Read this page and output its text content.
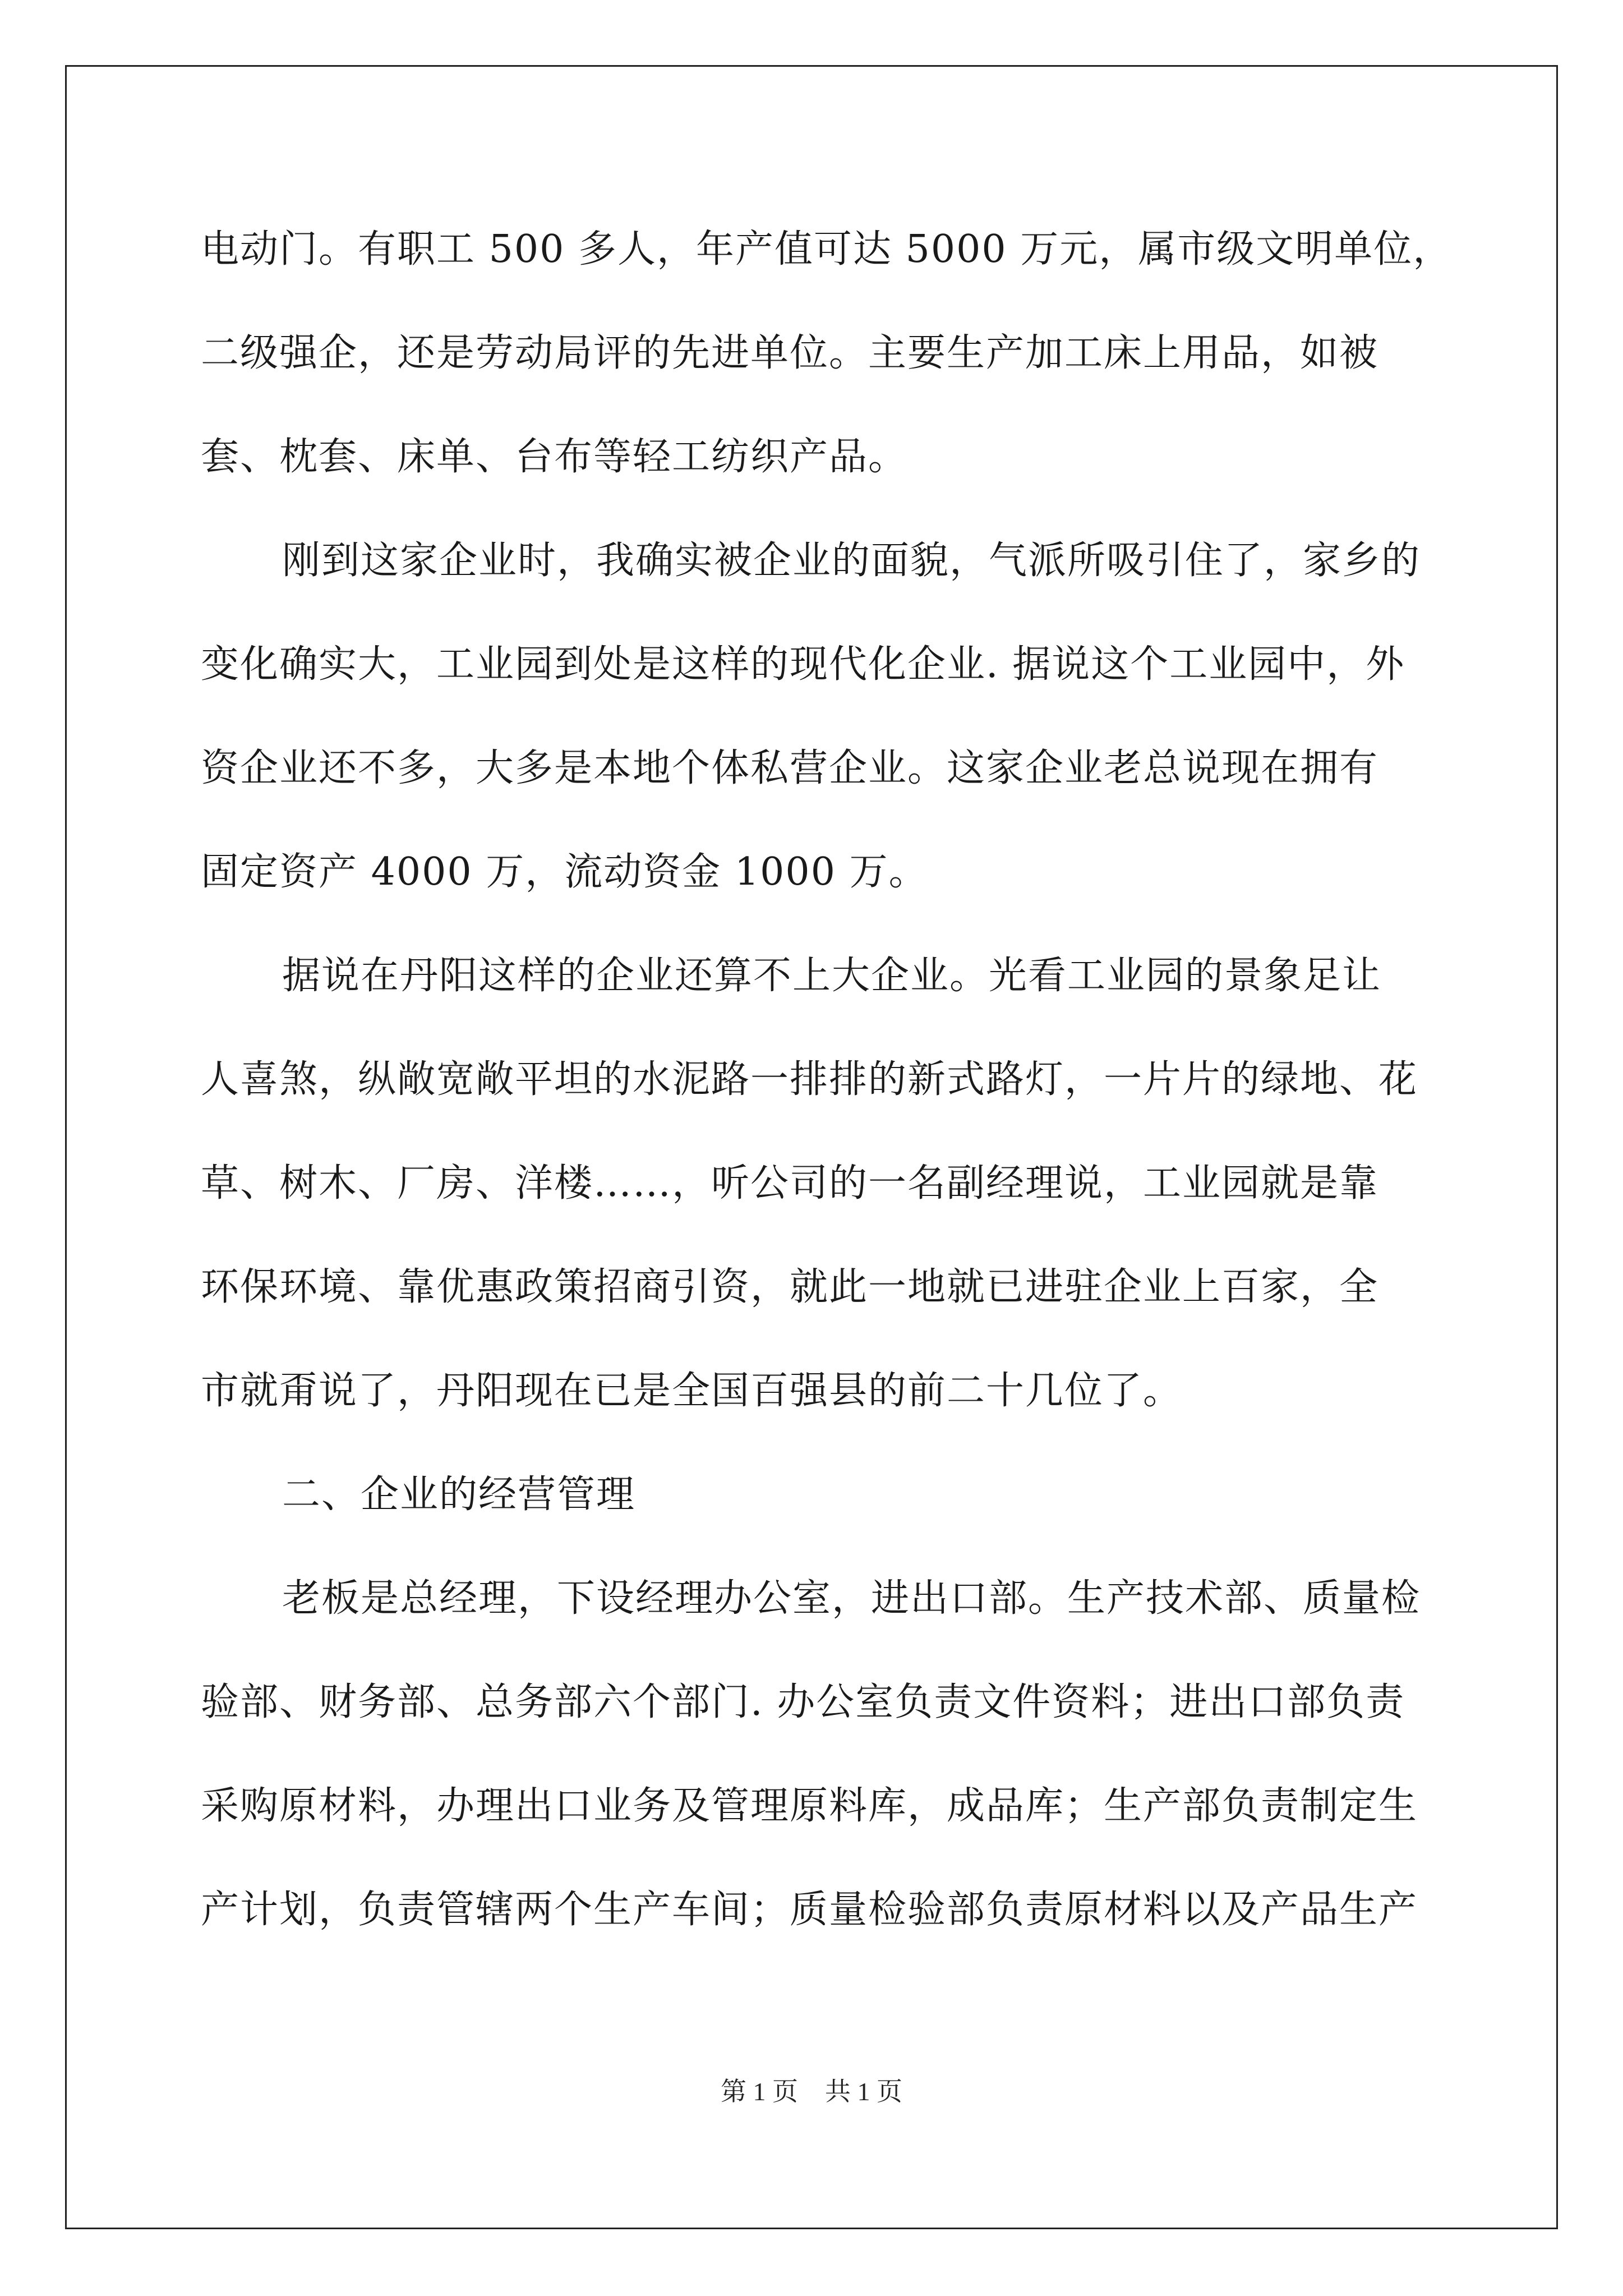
电动门。有职工 500 多人，年产值可达 5000 万元，属市级文明单位，
二级强企，还是劳动局评的先进单位。主要生产加工床上用品，如被
套、枕套、床单、台布等轻工纺织产品。
刚到这家企业时，我确实被企业的面貌，气派所吸引住了，家乡的
变化确实大，工业园到处是这样的现代化企业. 据说这个工业园中，外
资企业还不多，大多是本地个体私营企业。这家企业老总说现在拥有
固定资产 4000 万，流动资金 1000 万。
据说在丹阳这样的企业还算不上大企业。光看工业园的景象足让
人喜煞，纵敞宽敞平坦的水泥路一排排的新式路灯，一片片的绿地、花
草、树木、厂房、洋楼……，听公司的一名副经理说，工业园就是靠
环保环境、靠优惠政策招商引资，就此一地就已进驻企业上百家，全
市就甭说了，丹阳现在已是全国百强县的前二十几位了。
二、企业的经营管理
老板是总经理，下设经理办公室，进出口部。生产技术部、质量检
验部、财务部、总务部六个部门. 办公室负责文件资料；进出口部负责
采购原材料，办理出口业务及管理原料库，成品库；生产部负责制定生
产计划，负责管辖两个生产车间；质量检验部负责原材料以及产品生产
第 1 页 共 1 页
